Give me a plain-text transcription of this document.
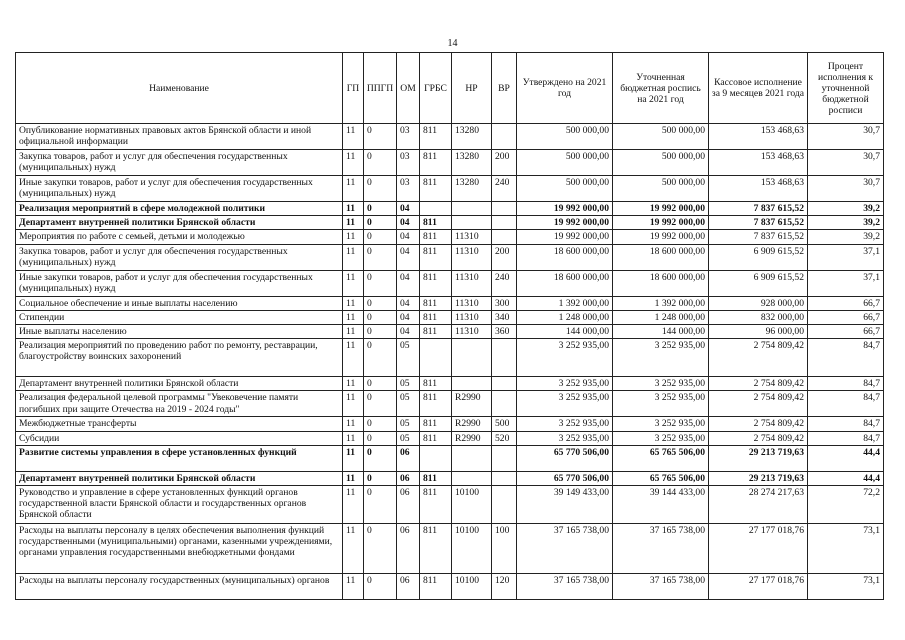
14
Наименование	ГП	ППГП	ОМ	ГРБС	НР	ВР	Утверждено на 2021 год	Уточненная бюджетная роспись на 2021 год	Кассовое исполнение за 9 месяцев 2021 года	Процент исполнения к уточненной бюджетной росписи
Опубликование нормативных правовых актов Брянской области и иной официальной информации	11	0	03	811	13280		500 000,00	500 000,00	153 468,63	30,7
Закупка товаров, работ и услуг для обеспечения государственных (муниципальных) нужд	11	0	03	811	13280	200	500 000,00	500 000,00	153 468,63	30,7
Иные закупки товаров, работ и услуг для обеспечения государственных (муниципальных) нужд	11	0	03	811	13280	240	500 000,00	500 000,00	153 468,63	30,7
Реализация мероприятий в сфере молодежной политики	11	0	04				19 992 000,00	19 992 000,00	7 837 615,52	39,2
Департамент внутренней политики Брянской области	11	0	04	811			19 992 000,00	19 992 000,00	7 837 615,52	39,2
Мероприятия по работе с семьей, детьми и молодежью	11	0	04	811	11310		19 992 000,00	19 992 000,00	7 837 615,52	39,2
Закупка товаров, работ и услуг для обеспечения государственных (муниципальных) нужд	11	0	04	811	11310	200	18 600 000,00	18 600 000,00	6 909 615,52	37,1
Иные закупки товаров, работ и услуг для обеспечения государственных (муниципальных) нужд	11	0	04	811	11310	240	18 600 000,00	18 600 000,00	6 909 615,52	37,1
Социальное обеспечение и иные выплаты населению	11	0	04	811	11310	300	1 392 000,00	1 392 000,00	928 000,00	66,7
Стипендии	11	0	04	811	11310	340	1 248 000,00	1 248 000,00	832 000,00	66,7
Иные выплаты населению	11	0	04	811	11310	360	144 000,00	144 000,00	96 000,00	66,7
Реализация мероприятий по проведению работ по ремонту, реставрации, благоустройству воинских захоронений	11	0	05				3 252 935,00	3 252 935,00	2 754 809,42	84,7
Департамент внутренней политики Брянской области	11	0	05	811			3 252 935,00	3 252 935,00	2 754 809,42	84,7
Реализация федеральной целевой программы "Увековечение памяти погибших при защите Отечества на 2019 - 2024 годы"	11	0	05	811	R2990		3 252 935,00	3 252 935,00	2 754 809,42	84,7
Межбюджетные трансферты	11	0	05	811	R2990	500	3 252 935,00	3 252 935,00	2 754 809,42	84,7
Субсидии	11	0	05	811	R2990	520	3 252 935,00	3 252 935,00	2 754 809,42	84,7
Развитие системы управления в сфере установленных функций	11	0	06				65 770 506,00	65 765 506,00	29 213 719,63	44,4
Департамент внутренней политики Брянской области	11	0	06	811			65 770 506,00	65 765 506,00	29 213 719,63	44,4
Руководство и управление в сфере установленных функций органов государственной власти Брянской области и государственных органов Брянской области	11	0	06	811	10100		39 149 433,00	39 144 433,00	28 274 217,63	72,2
Расходы на выплаты персоналу в целях обеспечения выполнения функций государственными (муниципальными) органами, казенными учреждениями, органами управления государственными внебюджетными фондами	11	0	06	811	10100	100	37 165 738,00	37 165 738,00	27 177 018,76	73,1
Расходы на выплаты персоналу государственных (муниципальных) органов	11	0	06	811	10100	120	37 165 738,00	37 165 738,00	27 177 018,76	73,1
